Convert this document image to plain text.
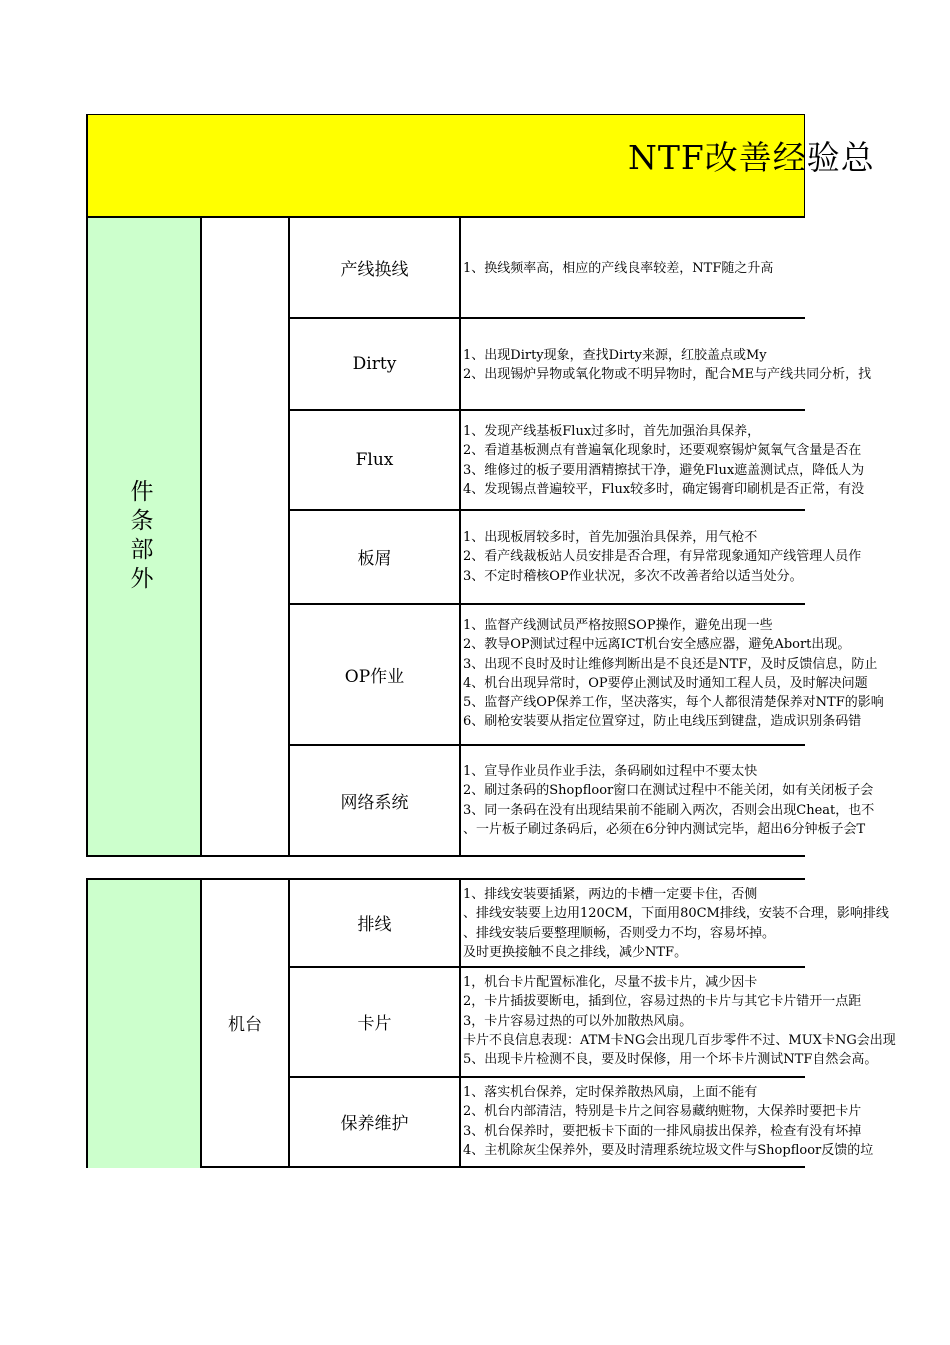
NTF改善经验总
件
条
部
外
产线换线
Dirty
Flux
板屑
OP作业
网络系统
1、换线频率高，相应的产线良率较差，NTF随之升高
1、出现Dirty现象，查找Dirty来源，红胶盖点或My
2、出现锡炉异物或氧化物或不明异物时，配合ME与产线共同分析，找
1、发现产线基板Flux过多时，首先加强治具保养，
2、看道基板测点有普遍氧化现象时，还要观察锡炉氮氧气含量是否在
3、维修过的板子要用酒精擦拭干净，避免Flux遮盖测试点，降低人为
4、发现锡点普遍较平，Flux较多时，确定锡膏印刷机是否正常，有没
1、出现板屑较多时，首先加强治具保养，用气枪不
2、看产线裁板站人员安排是否合理，有异常现象通知产线管理人员作
3、不定时稽核OP作业状况，多次不改善者给以适当处分。
1、监督产线测试员严格按照SOP操作，避免出现一些
2、教导OP测试过程中远离ICT机台安全感应器，避免Abort出现。
3、出现不良时及时让维修判断出是不良还是NTF，及时反馈信息，防止
4、机台出现异常时，OP要停止测试及时通知工程人员，及时解决问题
5、监督产线OP保养工作，坚决落实，每个人都很清楚保养对NTF的影响
6、刷枪安装要从指定位置穿过，防止电线压到键盘，造成识别条码错
1、宣导作业员作业手法，条码刷如过程中不要太快
2、刷过条码的Shopfloor窗口在测试过程中不能关闭，如有关闭板子会
3、同一条码在没有出现结果前不能刷入两次，否则会出现Cheat，也不
、一片板子刷过条码后，必须在6分钟内测试完毕，超出6分钟板子会T
机台
排线
卡片
保养维护
1、排线安装要插紧，两边的卡槽一定要卡住，否侧
、排线安装要上边用120CM，下面用80CM排线，安装不合理，影响排线
、排线安装后要整理顺畅，否则受力不均，容易坏掉。
及时更换接触不良之排线，减少NTF。
1，机台卡片配置标准化，尽量不拔卡片，减少因卡
2，卡片插拔要断电，插到位，容易过热的卡片与其它卡片错开一点距
3，卡片容易过热的可以外加散热风扇。
卡片不良信息表现：ATM卡NG会出现几百步零件不过、MUX卡NG会出现
5、出现卡片检测不良，要及时保修，用一个坏卡片测试NTF自然会高。
1、落实机台保养，定时保养散热风扇，上面不能有
2、机台内部清洁，特别是卡片之间容易藏纳赃物，大保养时要把卡片
3、机台保养时，要把板卡下面的一排风扇拔出保养，检查有没有坏掉
4、主机除灰尘保养外，要及时清理系统垃圾文件与Shopfloor反馈的垃
